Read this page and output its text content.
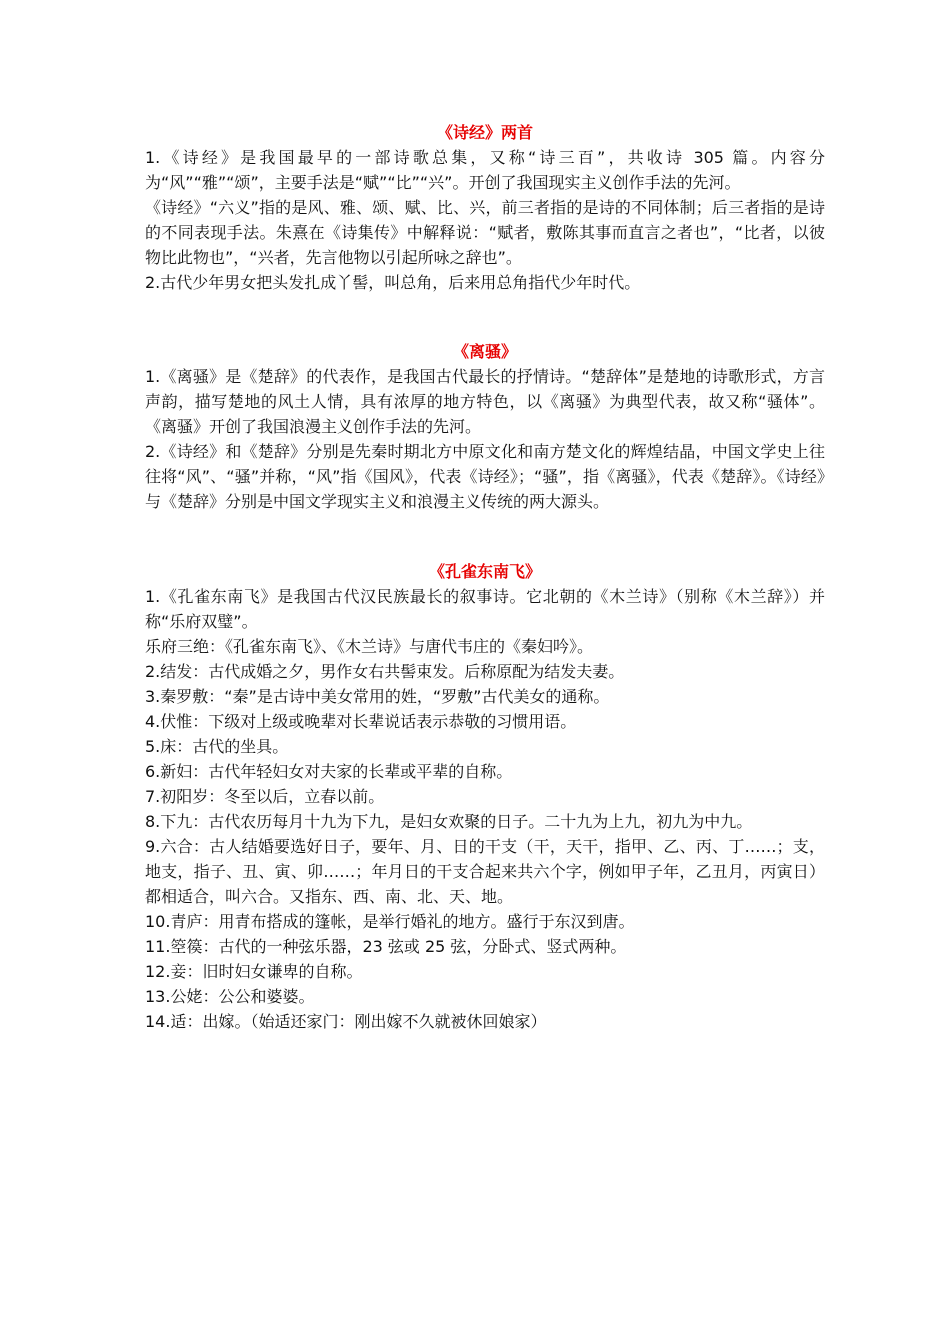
《诗经》两首

1.《诗经》是我国最早的一部诗歌总集，又称“诗三百”，共收诗 305 篇。内容分为“风”“雅”“颂”，主要手法是“赋”“比”“兴”。开创了我国现实主义创作手法的先河。

《诗经》“六义”指的是风、雅、颂、赋、比、兴，前三者指的是诗的不同体制；后三者指的是诗的不同表现手法。朱熹在《诗集传》中解释说：“赋者，敷陈其事而直言之者也”，“比者，以彼物比此物也”，“兴者，先言他物以引起所咏之辞也”。

2.古代少年男女把头发扎成丫髻，叫总角，后来用总角指代少年时代。

《离骚》

1.《离骚》是《楚辞》的代表作，是我国古代最长的抒情诗。“楚辞体”是楚地的诗歌形式，方言声韵，描写楚地的风土人情，具有浓厚的地方特色，以《离骚》为典型代表，故又称“骚体”。《离骚》开创了我国浪漫主义创作手法的先河。

2.《诗经》和《楚辞》分别是先秦时期北方中原文化和南方楚文化的辉煌结晶，中国文学史上往往将“风”、“骚”并称，“风”指《国风》，代表《诗经》；“骚”，指《离骚》，代表《楚辞》。《诗经》与《楚辞》分别是中国文学现实主义和浪漫主义传统的两大源头。

《孔雀东南飞》

1.《孔雀东南飞》是我国古代汉民族最长的叙事诗。它北朝的《木兰诗》（别称《木兰辞》）并称“乐府双璧”。

乐府三绝：《孔雀东南飞》、《木兰诗》与唐代韦庄的《秦妇吟》。

2.结发：古代成婚之夕，男作女右共髻束发。后称原配为结发夫妻。

3.秦罗敷：“秦”是古诗中美女常用的姓，“罗敷”古代美女的通称。

4.伏惟：下级对上级或晚辈对长辈说话表示恭敬的习惯用语。

5.床：古代的坐具。

6.新妇：古代年轻妇女对夫家的长辈或平辈的自称。

7.初阳岁：冬至以后，立春以前。

8.下九：古代农历每月十九为下九，是妇女欢聚的日子。二十九为上九，初九为中九。

9.六合：古人结婚要选好日子，要年、月、日的干支（干，天干，指甲、乙、丙、丁……；支，地支，指子、丑、寅、卯……；年月日的干支合起来共六个字，例如甲子年，乙丑月，丙寅日）都相适合，叫六合。又指东、西、南、北、天、地。

10.青庐：用青布搭成的篷帐，是举行婚礼的地方。盛行于东汉到唐。

11.箜篌：古代的一种弦乐器，23 弦或 25 弦，分卧式、竖式两种。

12.妾：旧时妇女谦卑的自称。

13.公姥：公公和婆婆。

14.适：出嫁。（始适还家门：刚出嫁不久就被休回娘家）
